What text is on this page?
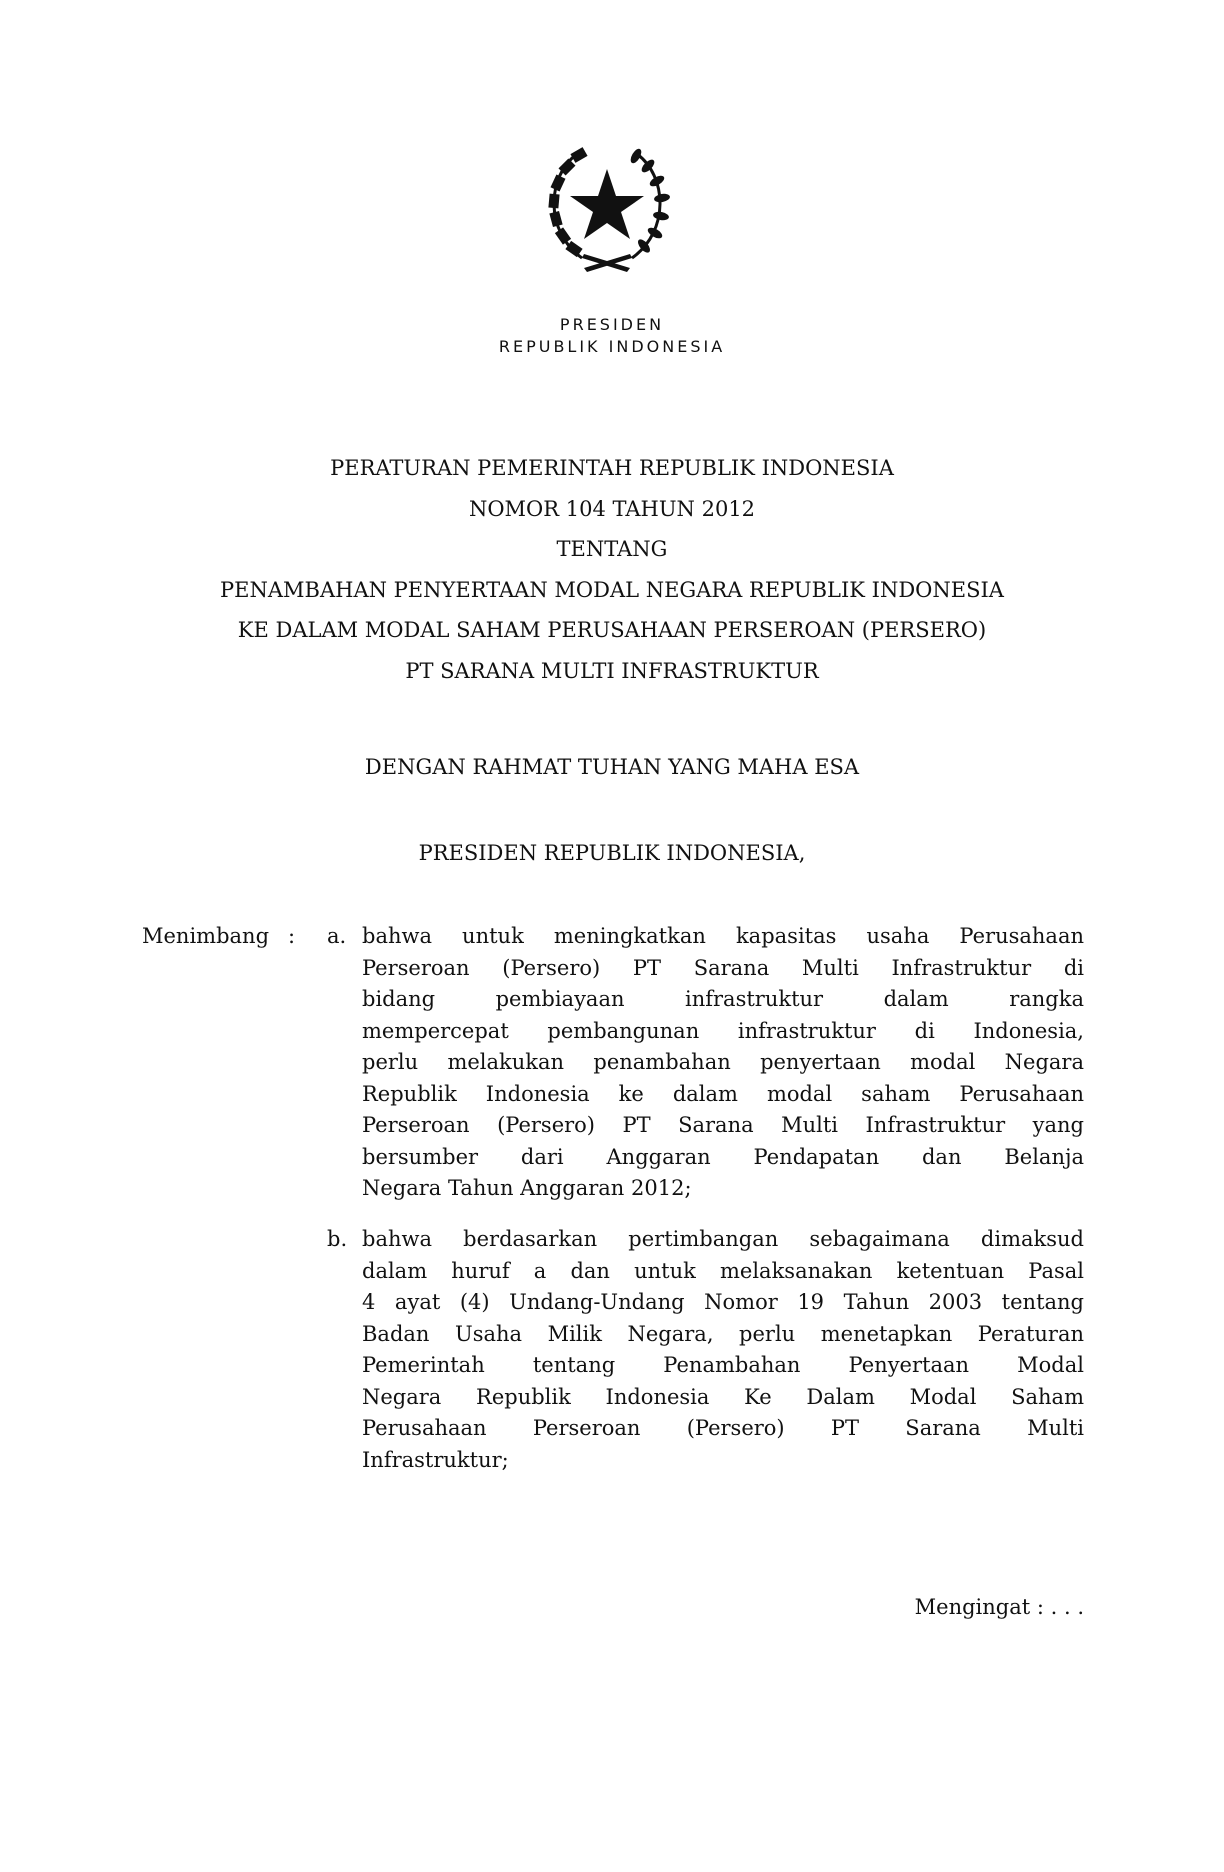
PRESIDEN
REPUBLIK INDONESIA
PERATURAN PEMERINTAH REPUBLIK INDONESIA
NOMOR 104 TAHUN 2012
TENTANG
PENAMBAHAN PENYERTAAN MODAL NEGARA REPUBLIK INDONESIA
KE DALAM MODAL SAHAM PERUSAHAAN PERSEROAN (PERSERO)
PT SARANA MULTI INFRASTRUKTUR
DENGAN RAHMAT TUHAN YANG MAHA ESA
PRESIDEN REPUBLIK INDONESIA,
Menimbang : a. bahwa untuk meningkatkan kapasitas usaha Perusahaan
Perseroan (Persero) PT Sarana Multi Infrastruktur di
bidang pembiayaan infrastruktur dalam rangka
mempercepat pembangunan infrastruktur di Indonesia,
perlu melakukan penambahan penyertaan modal Negara
Republik Indonesia ke dalam modal saham Perusahaan
Perseroan (Persero) PT Sarana Multi Infrastruktur yang
bersumber dari Anggaran Pendapatan dan Belanja
Negara Tahun Anggaran 2012;
b. bahwa berdasarkan pertimbangan sebagaimana dimaksud
dalam huruf a dan untuk melaksanakan ketentuan Pasal
4 ayat (4) Undang-Undang Nomor 19 Tahun 2003 tentang
Badan Usaha Milik Negara, perlu menetapkan Peraturan
Pemerintah tentang Penambahan Penyertaan Modal
Negara Republik Indonesia Ke Dalam Modal Saham
Perusahaan Perseroan (Persero) PT Sarana Multi
Infrastruktur;
Mengingat : . . .
